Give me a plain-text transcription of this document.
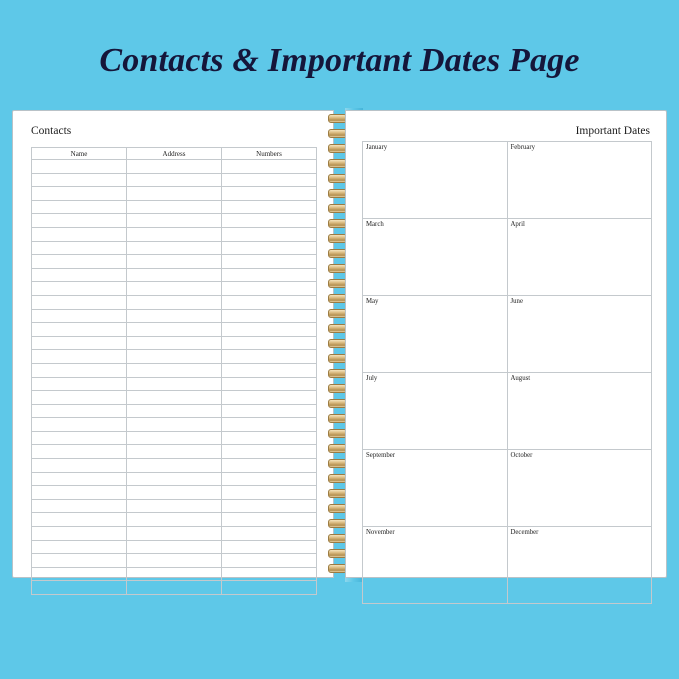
Contacts & Important Dates Page
Contacts
Name	Address	Numbers

Important Dates
January	February
March	April
May	June
July	August
September	October
November	December
